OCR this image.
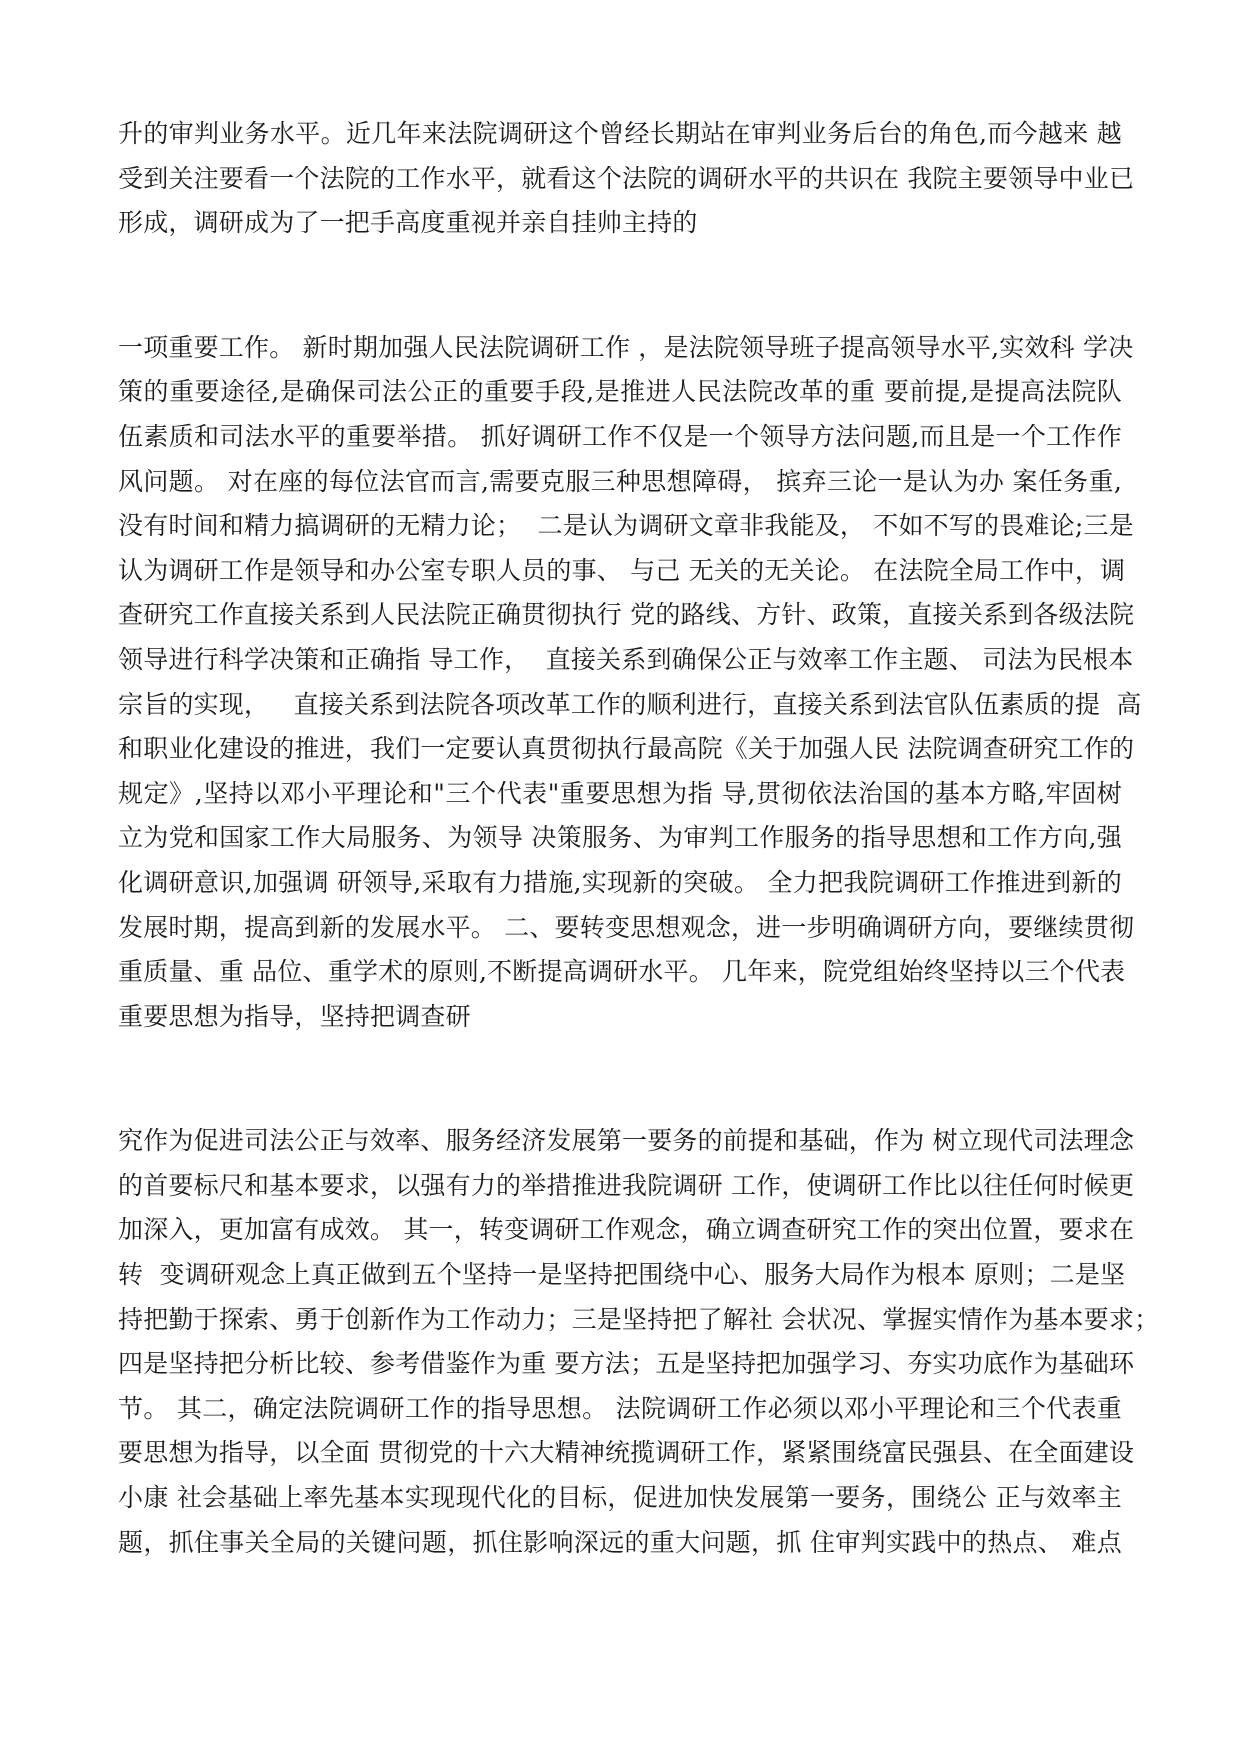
升的审判业务水平。近几年来法院调研这个曾经长期站在审判业务后台的角色,而今越来 越
受到关注要看一个法院的工作水平，就看这个法院的调研水平的共识在 我院主要领导中业已
形成，调研成为了一把手高度重视并亲自挂帅主持的
一项重要工作。 新时期加强人民法院调研工作 ，是法院领导班子提高领导水平,实效科 学决
策的重要途径,是确保司法公正的重要手段,是推进人民法院改革的重 要前提,是提高法院队
伍素质和司法水平的重要举措。 抓好调研工作不仅是一个领导方法问题,而且是一个工作作
风问题。 对在座的每位法官而言,需要克服三种思想障碍， 摈弃三论一是认为办 案任务重,
没有时间和精力搞调研的无精力论；  二是认为调研文章非我能及， 不如不写的畏难论;三是
认为调研工作是领导和办公室专职人员的事、 与己 无关的无关论。 在法院全局工作中，调
查研究工作直接关系到人民法院正确贯彻执行 党的路线、方针、政策，直接关系到各级法院
领导进行科学决策和正确指 导工作，  直接关系到确保公正与效率工作主题、 司法为民根本
宗旨的实现，   直接关系到法院各项改革工作的顺利进行，直接关系到法官队伍素质的提  高
和职业化建设的推进，我们一定要认真贯彻执行最高院《关于加强人民 法院调查研究工作的
规定》,坚持以邓小平理论和"三个代表"重要思想为指 导,贯彻依法治国的基本方略,牢固树
立为党和国家工作大局服务、为领导 决策服务、为审判工作服务的指导思想和工作方向,强
化调研意识,加强调 研领导,采取有力措施,实现新的突破。 全力把我院调研工作推进到新的
发展时期，提高到新的发展水平。 二、要转变思想观念，进一步明确调研方向，要继续贯彻
重质量、重 品位、重学术的原则,不断提高调研水平。 几年来，院党组始终坚持以三个代表
重要思想为指导，坚持把调查研
究作为促进司法公正与效率、服务经济发展第一要务的前提和基础，作为 树立现代司法理念
的首要标尺和基本要求，以强有力的举措推进我院调研 工作，使调研工作比以往任何时候更
加深入，更加富有成效。 其一，转变调研工作观念，确立调查研究工作的突出位置，要求在
转  变调研观念上真正做到五个坚持一是坚持把围绕中心、服务大局作为根本 原则；二是坚
持把勤于探索、勇于创新作为工作动力；三是坚持把了解社 会状况、掌握实情作为基本要求；
四是坚持把分析比较、参考借鉴作为重 要方法；五是坚持把加强学习、夯实功底作为基础环
节。 其二，确定法院调研工作的指导思想。 法院调研工作必须以邓小平理论和三个代表重
要思想为指导，以全面 贯彻党的十六大精神统揽调研工作，紧紧围绕富民强县、在全面建设
小康 社会基础上率先基本实现现代化的目标，促进加快发展第一要务，围绕公 正与效率主
题，抓住事关全局的关键问题，抓住影响深远的重大问题，抓 住审判实践中的热点、 难点
